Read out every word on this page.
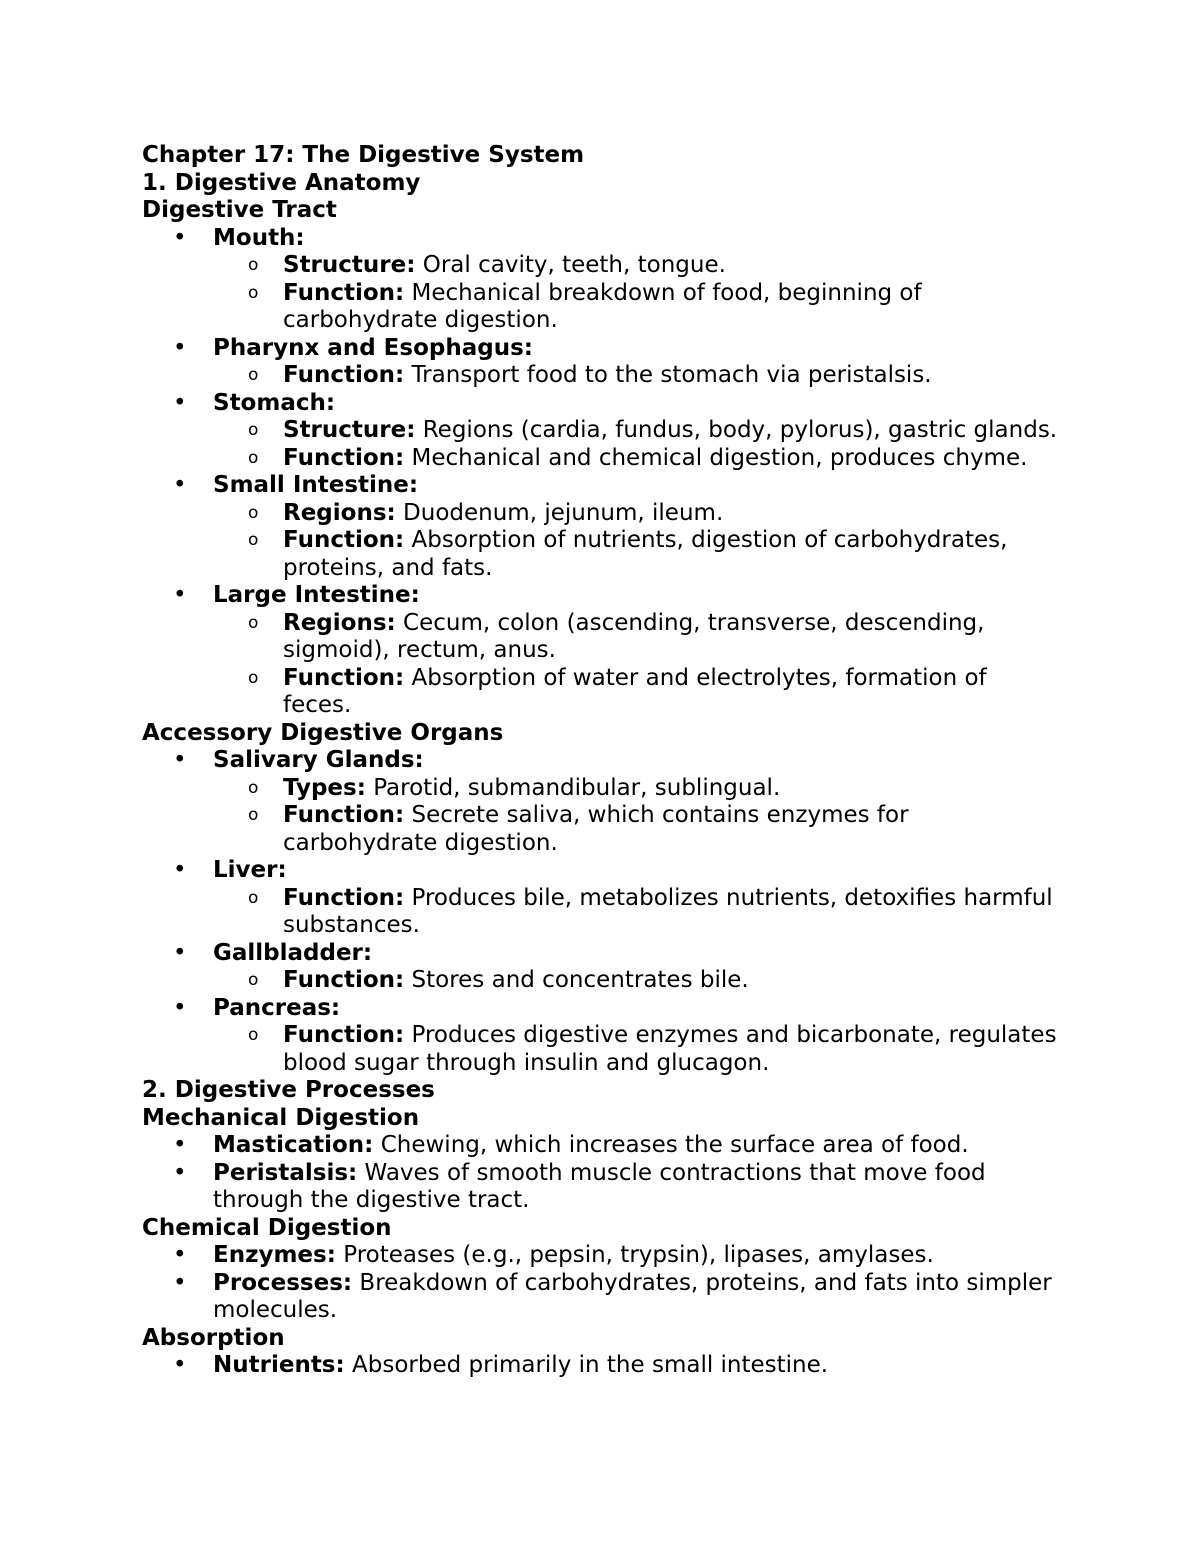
Chapter 17: The Digestive System
1. Digestive Anatomy
Digestive Tract
• Mouth:
o Structure: Oral cavity, teeth, tongue.
o Function: Mechanical breakdown of food, beginning of carbohydrate digestion.
• Pharynx and Esophagus:
o Function: Transport food to the stomach via peristalsis.
• Stomach:
o Structure: Regions (cardia, fundus, body, pylorus), gastric glands.
o Function: Mechanical and chemical digestion, produces chyme.
• Small Intestine:
o Regions: Duodenum, jejunum, ileum.
o Function: Absorption of nutrients, digestion of carbohydrates, proteins, and fats.
• Large Intestine:
o Regions: Cecum, colon (ascending, transverse, descending, sigmoid), rectum, anus.
o Function: Absorption of water and electrolytes, formation of feces.
Accessory Digestive Organs
• Salivary Glands:
o Types: Parotid, submandibular, sublingual.
o Function: Secrete saliva, which contains enzymes for carbohydrate digestion.
• Liver:
o Function: Produces bile, metabolizes nutrients, detoxifies harmful substances.
• Gallbladder:
o Function: Stores and concentrates bile.
• Pancreas:
o Function: Produces digestive enzymes and bicarbonate, regulates blood sugar through insulin and glucagon.
2. Digestive Processes
Mechanical Digestion
• Mastication: Chewing, which increases the surface area of food.
• Peristalsis: Waves of smooth muscle contractions that move food through the digestive tract.
Chemical Digestion
• Enzymes: Proteases (e.g., pepsin, trypsin), lipases, amylases.
• Processes: Breakdown of carbohydrates, proteins, and fats into simpler molecules.
Absorption
• Nutrients: Absorbed primarily in the small intestine.
